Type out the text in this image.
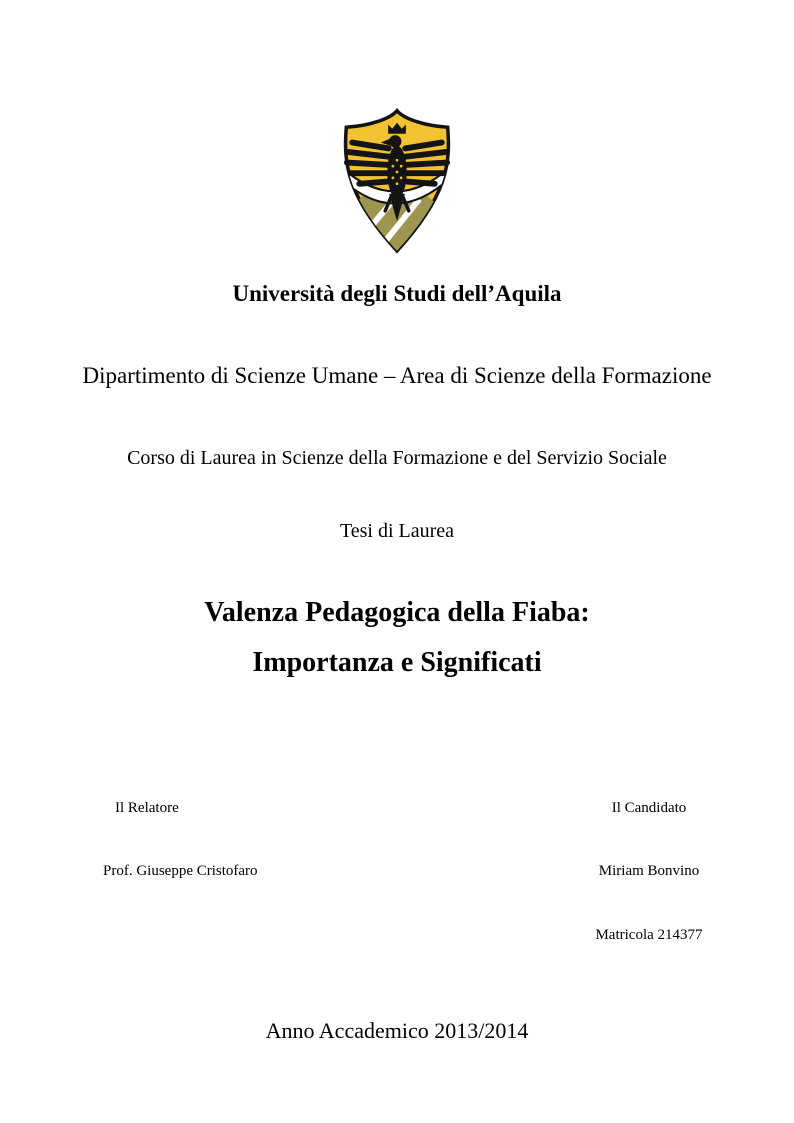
Università degli Studi dell’Aquila
Dipartimento di Scienze Umane – Area di Scienze della Formazione
Corso di Laurea in Scienze della Formazione e del Servizio Sociale
Tesi di Laurea
Valenza Pedagogica della Fiaba:
Importanza e Significati
Il Relatore
Prof. Giuseppe Cristofaro
Il Candidato
Miriam Bonvino
Matricola 214377
Anno Accademico 2013/2014
